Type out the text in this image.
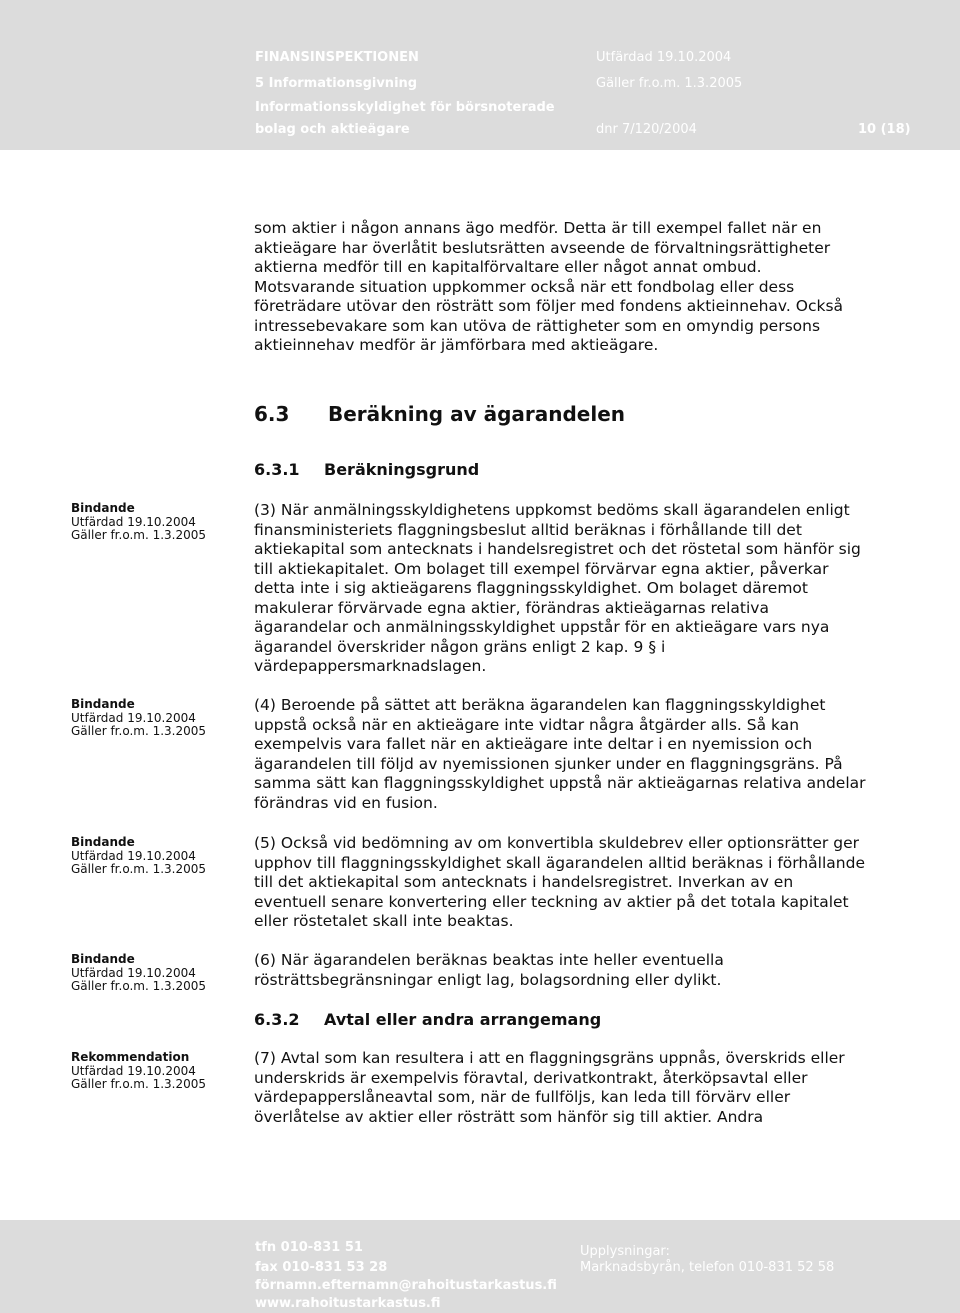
FINANSINSPEKTIONEN
5 Informationsgivning
Informationsskyldighet för börsnoterade
bolag och aktieägare
Utfärdad 19.10.2004
Gäller fr.o.m. 1.3.2005
dnr 7/120/2004	10 (18)

som aktier i någon annans ägo medför. Detta är till exempel fallet när en
aktieägare har överlåtit beslutsrätten avseende de förvaltningsrättigheter
aktierna medför till en kapitalförvaltare eller något annat ombud.
Motsvarande situation uppkommer också när ett fondbolag eller dess
företrädare utövar den rösträtt som följer med fondens aktieinnehav. Också
intressebevakare som kan utöva de rättigheter som en omyndig persons
aktieinnehav medför är jämförbara med aktieägare.

6.3 Beräkning av ägarandelen
6.3.1 Beräkningsgrund
Bindande
Utfärdad 19.10.2004
Gäller fr.o.m. 1.3.2005

(3) När anmälningsskyldighetens uppkomst bedöms skall ägarandelen enligt
finansministeriets flaggningsbeslut alltid beräknas i förhållande till det
aktiekapital som antecknats i handelsregistret och det röstetal som hänför sig
till aktiekapitalet. Om bolaget till exempel förvärvar egna aktier, påverkar
detta inte i sig aktieägarens flaggningsskyldighet. Om bolaget däremot
makulerar förvärvade egna aktier, förändras aktieägarnas relativa
ägarandelar och anmälningsskyldighet uppstår för en aktieägare vars nya
ägarandel överskrider någon gräns enligt 2 kap. 9 § i
värdepappersmarknadslagen.

Bindande
Utfärdad 19.10.2004
Gäller fr.o.m. 1.3.2005

(4) Beroende på sättet att beräkna ägarandelen kan flaggningsskyldighet
uppstå också när en aktieägare inte vidtar några åtgärder alls. Så kan
exempelvis vara fallet när en aktieägare inte deltar i en nyemission och
ägarandelen till följd av nyemissionen sjunker under en flaggningsgräns. På
samma sätt kan flaggningsskyldighet uppstå när aktieägarnas relativa andelar
förändras vid en fusion.

Bindande
Utfärdad 19.10.2004
Gäller fr.o.m. 1.3.2005

(5) Också vid bedömning av om konvertibla skuldebrev eller optionsrätter ger
upphov till flaggningsskyldighet skall ägarandelen alltid beräknas i förhållande
till det aktiekapital som antecknats i handelsregistret. Inverkan av en
eventuell senare konvertering eller teckning av aktier på det totala kapitalet
eller röstetalet skall inte beaktas.

Bindande
Utfärdad 19.10.2004
Gäller fr.o.m. 1.3.2005

(6) När ägarandelen beräknas beaktas inte heller eventuella
rösträttsbegränsningar enligt lag, bolagsordning eller dylikt.

6.3.2 Avtal eller andra arrangemang
Rekommendation
Utfärdad 19.10.2004
Gäller fr.o.m. 1.3.2005

(7) Avtal som kan resultera i att en flaggningsgräns uppnås, överskrids eller
underskrids är exempelvis föravtal, derivatkontrakt, återköpsavtal eller
värdepapperslåneavtal som, när de fullföljs, kan leda till förvärv eller
överlåtelse av aktier eller rösträtt som hänför sig till aktier. Andra

tfn 010-831 51
fax 010-831 53 28
förnamn.efternamn@rahoitustarkastus.fi
www.rahoitustarkastus.fi
Upplysningar:
Marknadsbyrån, telefon 010-831 52 58
